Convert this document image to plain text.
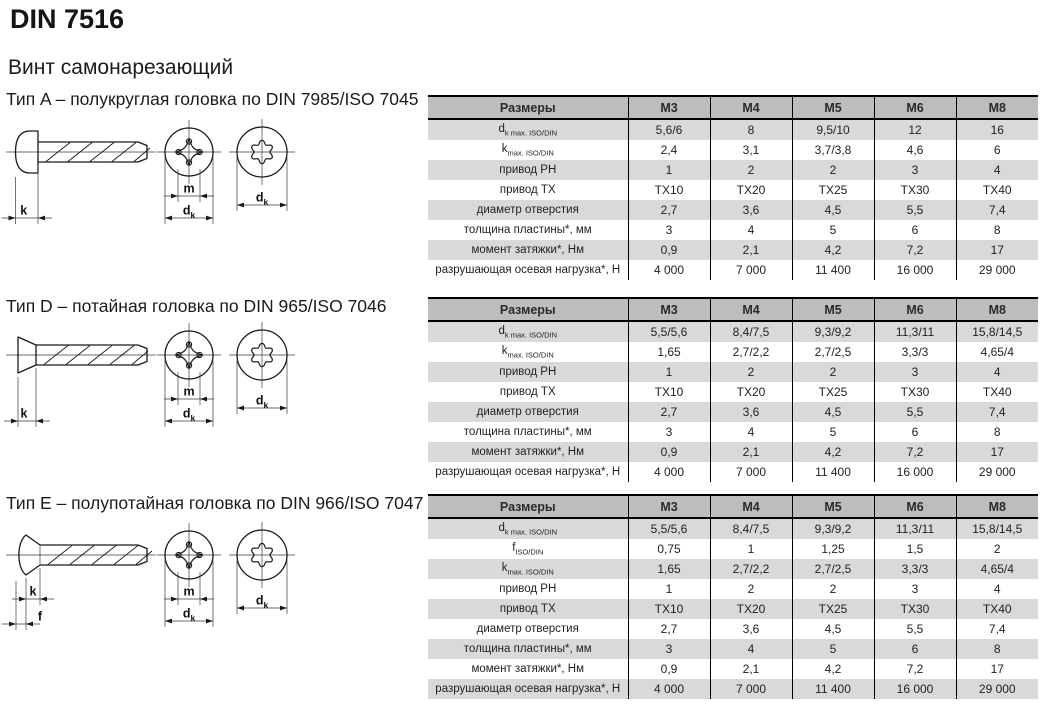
DIN 7516
Винт самонарезающий
Тип A – полукруглая головка по DIN 7985/ISO 7045
k
m
$d_k$
$d_k$
Размеры	M3	M4	M5	M6	M8
$d_{k max. ISO/DIN}$	5,6/6	8	9,5/10	12	16
$k_{max. ISO/DIN}$	2,4	3,1	3,7/3,8	4,6	6
привод PH	1	2	2	3	4
привод TX	TX10	TX20	TX25	TX30	TX40
диаметр отверстия	2,7	3,6	4,5	5,5	7,4
толщина пластины*, мм	3	4	5	6	8
момент затяжки*, Нм	0,9	2,1	4,2	7,2	17
разрушающая осевая нагрузка*, Н	4 000	7 000	11 400	16 000	29 000
Тип D – потайная головка по DIN 965/ISO 7046
k
m
$d_k$
$d_k$
Размеры	M3	M4	M5	M6	M8
$d_{k max. ISO/DIN}$	5,5/5,6	8,4/7,5	9,3/9,2	11,3/11	15,8/14,5
$k_{max. ISO/DIN}$	1,65	2,7/2,2	2,7/2,5	3,3/3	4,65/4
привод PH	1	2	2	3	4
привод TX	TX10	TX20	TX25	TX30	TX40
диаметр отверстия	2,7	3,6	4,5	5,5	7,4
толщина пластины*, мм	3	4	5	6	8
момент затяжки*, Нм	0,9	2,1	4,2	7,2	17
разрушающая осевая нагрузка*, Н	4 000	7 000	11 400	16 000	29 000
Тип E – полупотайная головка по DIN 966/ISO 7047
k
f
m
$d_k$
$d_k$
Размеры	M3	M4	M5	M6	M8
$d_{k max. ISO/DIN}$	5,5/5,6	8,4/7,5	9,3/9,2	11,3/11	15,8/14,5
$f_{ISO/DIN}$	0,75	1	1,25	1,5	2
$k_{max. ISO/DIN}$	1,65	2,7/2,2	2,7/2,5	3,3/3	4,65/4
привод PH	1	2	2	3	4
привод TX	TX10	TX20	TX25	TX30	TX40
диаметр отверстия	2,7	3,6	4,5	5,5	7,4
толщина пластины*, мм	3	4	5	6	8
момент затяжки*, Нм	0,9	2,1	4,2	7,2	17
разрушающая осевая нагрузка*, Н	4 000	7 000	11 400	16 000	29 000
